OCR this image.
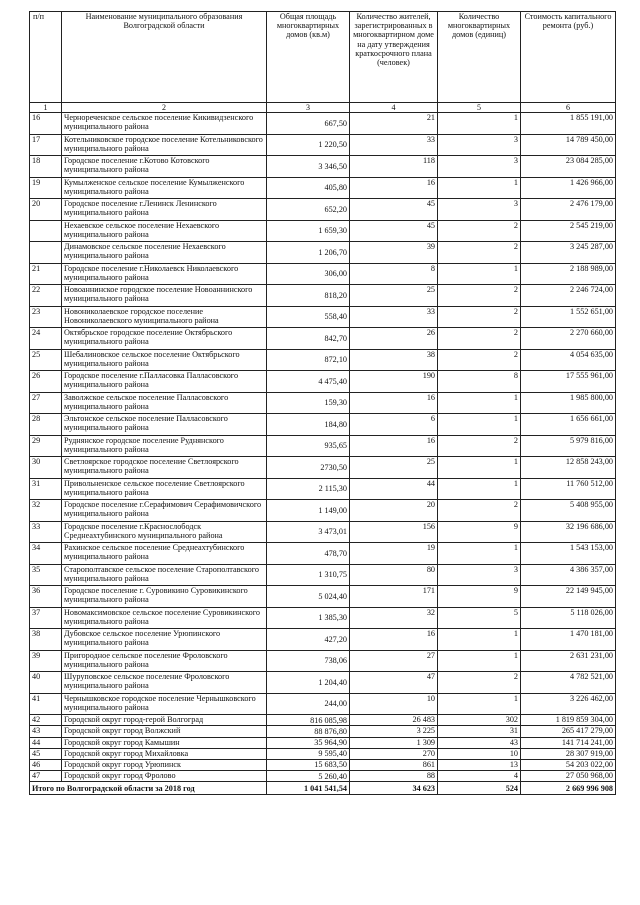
п/п	Наименование муниципального образования Волгоградской области	Общая площадь многоквартирных домов (кв.м)	Количество жителей, зарегистрированных в многоквартирном доме на дату утверждения краткосрочного плана (человек)	Количество многоквартирных домов (единиц)	Стоимость капитального ремонта (руб.)
1	2	3	4	5	6
16	Чернореченское сельское поселение Кикивидзенского муниципального района	667,50	21	1	1 855 191,00
17	Котельниковское городское поселение Котельниковского муниципального района	1 220,50	33	3	14 789 450,00
18	Городское поселение г.Котово Котовского муниципального района	3 346,50	118	3	23 084 285,00
19	Кумылженское сельское поселение Кумылженского муниципального района	405,80	16	1	1 426 966,00
20	Городское поселение г.Ленинск Ленинского муниципального района	652,20	45	3	2 476 179,00
	Нехаевское сельское поселение Нехаевского муниципального района	1 659,30	45	2	2 545 219,00
	Динамовское сельское поселение Нехаевского муниципального района	1 206,70	39	2	3 245 287,00
21	Городское поселение г.Николаевск Николаевского муниципального района	306,00	8	1	2 188 989,00
22	Новоаннинское городское поселение Новоаннинского муниципального района	818,20	25	2	2 246 724,00
23	Новониколаевское городское поселение Новониколаевского муниципального района	558,40	33	2	1 552 651,00
24	Октябрьское городское поселение Октябрьского муниципального района	842,70	26	2	2 270 660,00
25	Шебалиновское сельское поселение Октябрьского муниципального района	872,10	38	2	4 054 635,00
26	Городское поселение г.Палласовка Палласовского муниципального района	4 475,40	190	8	17 555 961,00
27	Заволжское сельское поселение Палласовского муниципального района	159,30	16	1	1 985 800,00
28	Эльтонское сельское поселение Палласовского муниципального района	184,80	6	1	1 656 661,00
29	Руднянское городское поселение Руднянского муниципального района	935,65	16	2	5 979 816,00
30	Светлоярское городское поселение Светлоярского муниципального района	2730,50	25	1	12 858 243,00
31	Привольненское сельское поселение Светлоярского муниципального района	2 115,30	44	1	11 760 512,00
32	Городское поселение г.Серафимович Серафимовичского муниципального района	1 149,00	20	2	5 408 955,00
33	Городское поселение г.Краснослободск Среднеахтубинского муниципального района	3 473,01	156	9	32 196 686,00
34	Рахинское сельское поселение Среднеахтубинского муниципального района	478,70	19	1	1 543 153,00
35	Старополтавское сельское поселение Старополтавского муниципального района	1 310,75	80	3	4 386 357,00
36	Городское поселение г. Суровикино Суровикинского муниципального района	5 024,40	171	9	22 149 945,00
37	Новомаксимовское сельское поселение Суровикинского муниципального района	1 385,30	32	5	5 118 026,00
38	Дубовское сельское поселение Урюпинского муниципального района	427,20	16	1	1 470 181,00
39	Пригородное сельское поселение Фроловского муниципального района	738,06	27	1	2 631 231,00
40	Шуруповское сельское поселение Фроловского муниципального района	1 204,40	47	2	4 782 521,00
41	Чернышковское городское поселение Чернышковского муниципального района	244,00	10	1	3 226 462,00
42	Городской округ город-герой Волгоград	816 085,98	26 483	302	1 819 859 304,00
43	Городской округ город Волжский	88 876,80	3 225	31	265 417 279,00
44	Городской округ город Камышин	35 964,90	1 309	43	141 714 241,00
45	Городской округ город Михайловка	9 595,40	270	10	28 307 919,00
46	Городской округ город Урюпинск	15 683,50	861	13	54 203 022,00
47	Городской округ город Фролово	5 260,40	88	4	27 050 968,00
Итого по Волгоградской области за 2018 год		1 041 541,54	34 623	524	2 669 996 908
